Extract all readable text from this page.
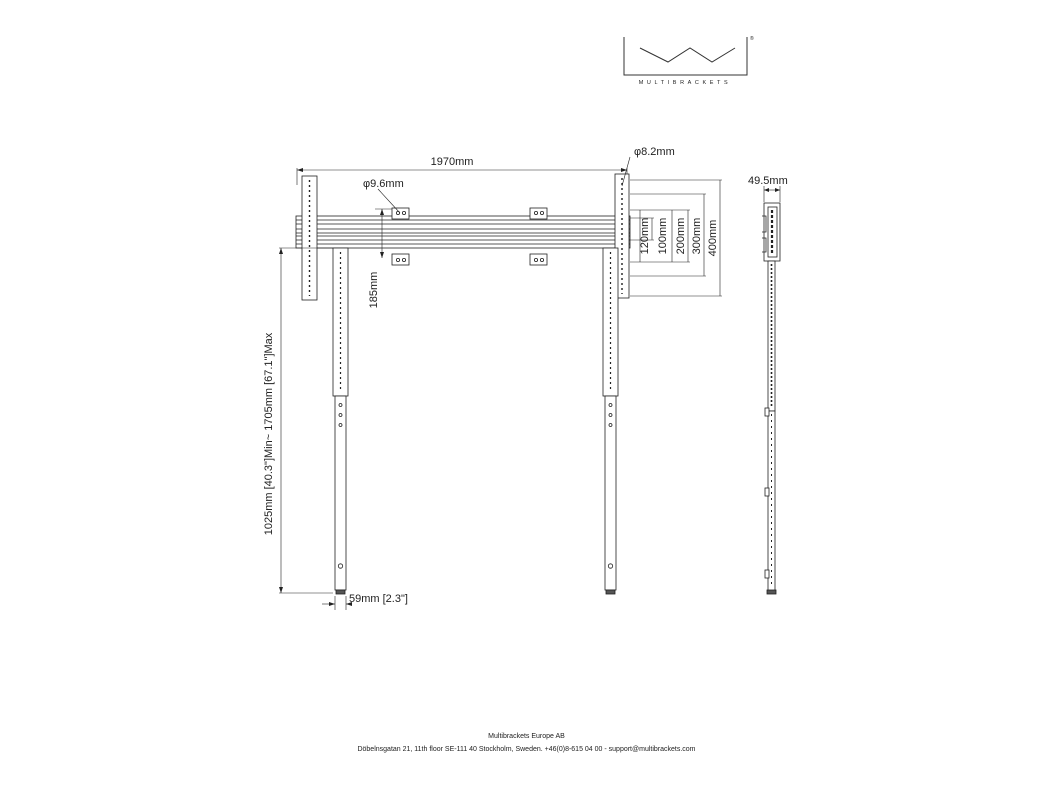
MULTIBRACKETS
®
1970mm
φ8.2mm
φ9.6mm	49.5mm
185mm
120mm 100mm 200mm 300mm 400mm
1025mm [40.3"]Min~ 1705mm [67.1"]Max
59mm [2.3"]
Multibrackets Europe AB
Döbelnsgatan 21, 11th floor SE-111 40 Stockholm, Sweden. +46(0)8-615 04 00 - support@multibrackets.com
